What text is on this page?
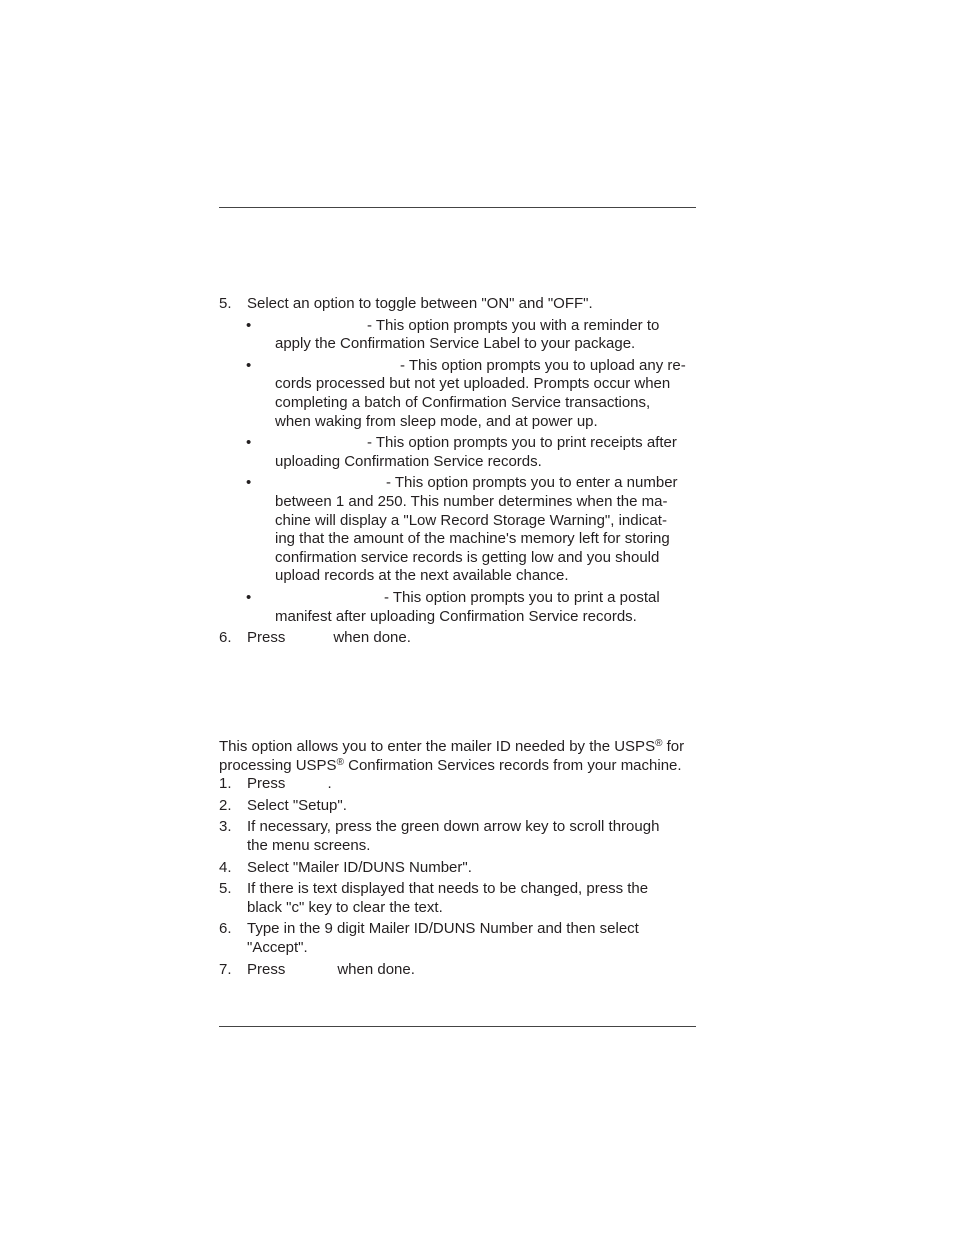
5. Select an option to toggle between "ON" and "OFF".
•	- This option prompts you with a reminder to
apply the Confirmation Service Label to your package.
•	- This option prompts you to upload any re-
cords processed but not yet uploaded. Prompts occur when
completing a batch of Confirmation Service transactions,
when waking from sleep mode, and at power up.
•	- This option prompts you to print receipts after
uploading Confirmation Service records.
•	- This option prompts you to enter a number
between 1 and 250. This number determines when the ma-
chine will display a "Low Record Storage Warning", indicat-
ing that the amount of the machine's memory left for storing
confirmation service records is getting low and you should
upload records at the next available chance.
•	- This option prompts you to print a postal
manifest after uploading Confirmation Service records.
6. Press	when done.

This option allows you to enter the mailer ID needed by the USPS® for

processing USPS® Confirmation Services records from your machine.

1. Press .
2. Select "Setup".
3. If necessary, press the green down arrow key to scroll through
the menu screens.
4. Select "Mailer ID/DUNS Number".
5. If there is text displayed that needs to be changed, press the
black "c" key to clear the text.
6. Type in the 9 digit Mailer ID/DUNS Number and then select
"Accept".
7. Press	when done.
